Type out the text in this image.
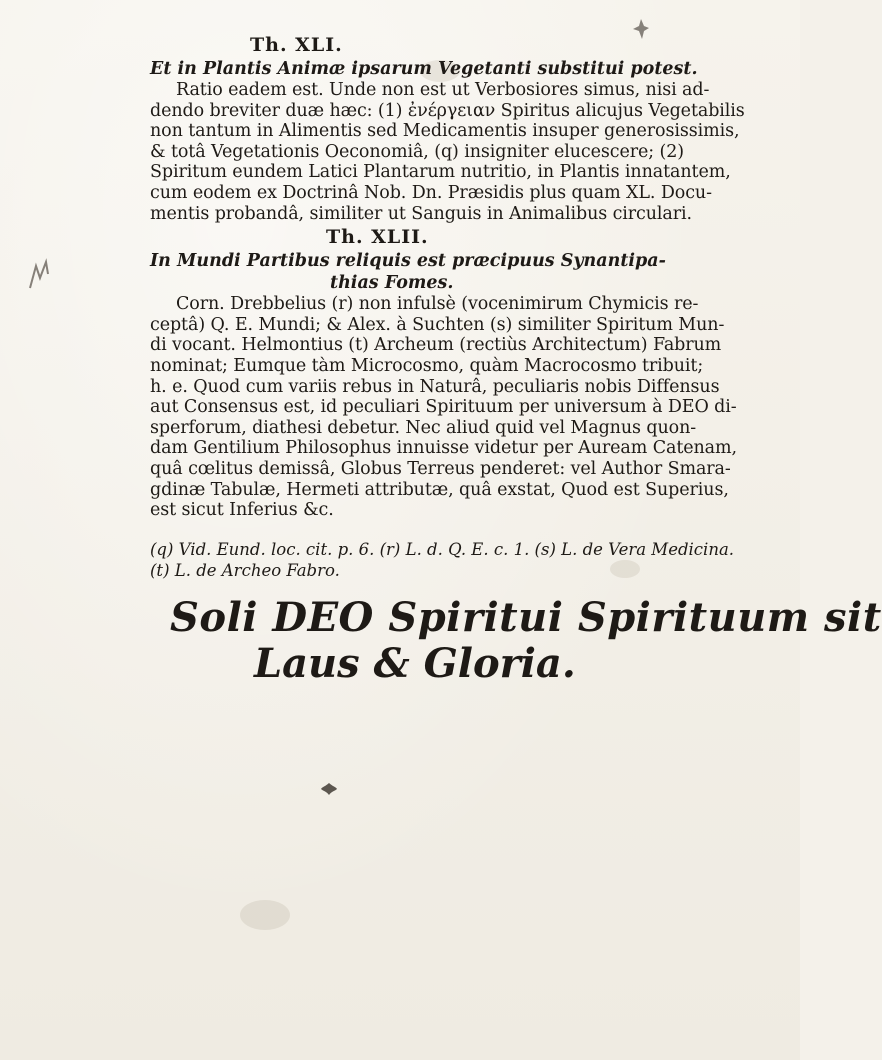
Th. XLI.
Et in Plantis Animæ ipsarum Vegetanti substitui potest.
Ratio eadem est. Unde non est ut Verbosiores simus, nisi ad-
dendo breviter duæ hæc: (1) ἐνέργειαν Spiritus alicujus Vegetabilis
non tantum in Alimentis sed Medicamentis insuper generosissimis,
& totâ Vegetationis Oeconomiâ, (q) insigniter elucescere; (2)
Spiritum eundem Latici Plantarum nutritio, in Plantis innatantem,
cum eodem ex Doctrinâ Nob. Dn. Præsidis plus quam XL. Docu-
mentis probandâ, similiter ut Sanguis in Animalibus circulari.
Th. XLII.
In Mundi Partibus reliquis est præcipuus Synantipa-
thias Fomes.
Corn. Drebbelius (r) non infulsè (vocenimirum Chymicis re-
ceptâ) Q. E. Mundi; & Alex. à Suchten (s) similiter Spiritum Mun-
di vocant. Helmontius (t) Archeum (rectiùs Architectum) Fabrum
nominat; Eumque tàm Microcosmo, quàm Macrocosmo tribuit;
h. e. Quod cum variis rebus in Naturâ, peculiaris nobis Diffensus
aut Consensus est, id peculiari Spirituum per universum à DEO di-
sperforum, diathesi debetur. Nec aliud quid vel Magnus quon-
dam Gentilium Philosophus innuisse videtur per Auream Catenam,
quâ cœlitus demissâ, Globus Terreus penderet: vel Author Smara-
gdinæ Tabulæ, Hermeti attributæ, quâ exstat, Quod est Superius,
est sicut Inferius &c.
(q) Vid. Eund. loc. cit. p. 6. (r) L. d. Q. E. c. 1. (s) L. de Vera Medicina.
(t) L. de Archeo Fabro.
Soli DEO Spiritui Spirituum sit
Laus & Gloria.
